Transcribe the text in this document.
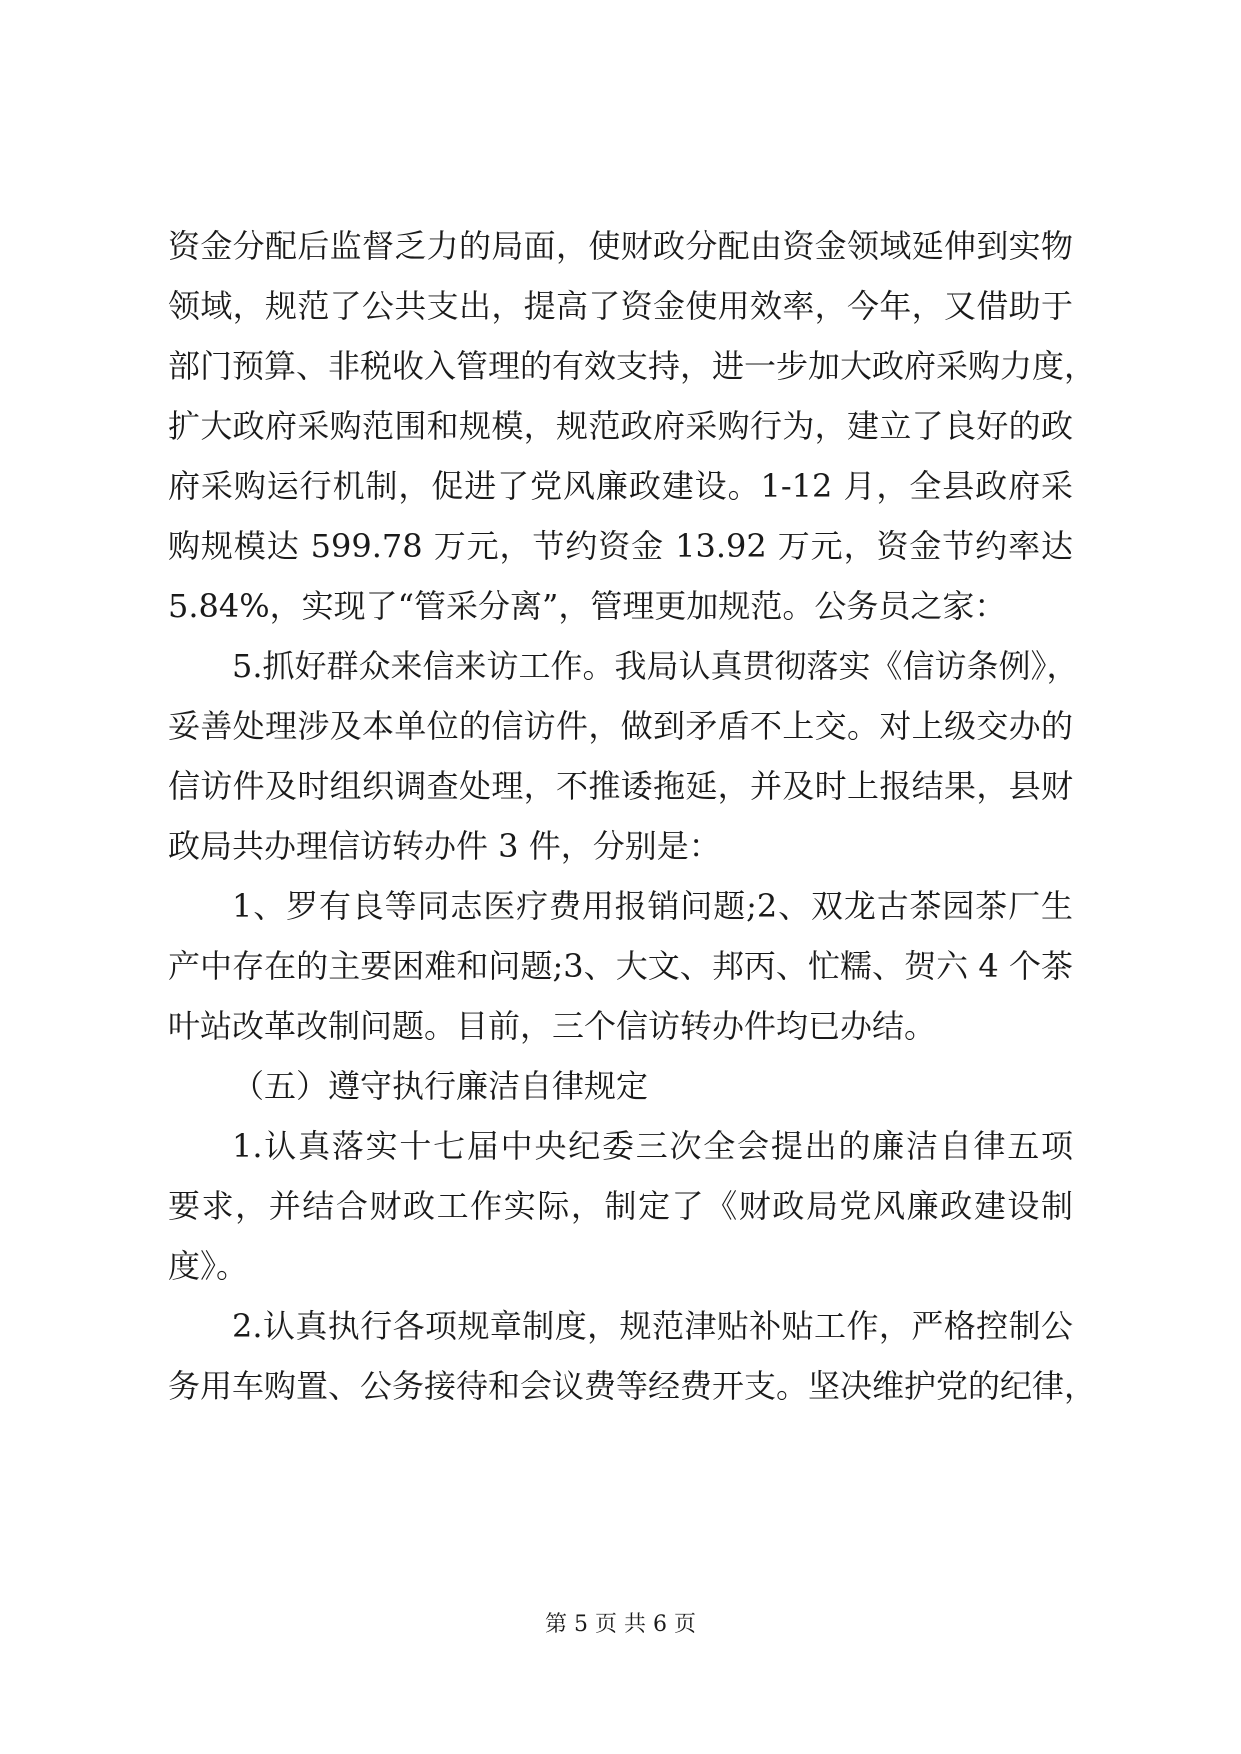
资金分配后监督乏力的局面，使财政分配由资金领域延伸到实物
领域，规范了公共支出，提高了资金使用效率，今年，又借助于
部门预算、非税收入管理的有效支持，进一步加大政府采购力度，
扩大政府采购范围和规模，规范政府采购行为，建立了良好的政
府采购运行机制，促进了党风廉政建设。1-12 月，全县政府采
购规模达 599.78 万元，节约资金 13.92 万元，资金节约率达
5.84%，实现了“管采分离”，管理更加规范。公务员之家：
5.抓好群众来信来访工作。我局认真贯彻落实《信访条例》，
妥善处理涉及本单位的信访件，做到矛盾不上交。对上级交办的
信访件及时组织调查处理，不推诿拖延，并及时上报结果，县财
政局共办理信访转办件 3 件，分别是：
1、罗有良等同志医疗费用报销问题;2、双龙古茶园茶厂生
产中存在的主要困难和问题;3、大文、邦丙、忙糯、贺六 4 个茶
叶站改革改制问题。目前，三个信访转办件均已办结。
（五）遵守执行廉洁自律规定
1.认真落实十七届中央纪委三次全会提出的廉洁自律五项
要求，并结合财政工作实际，制定了《财政局党风廉政建设制
度》。
2.认真执行各项规章制度，规范津贴补贴工作，严格控制公
务用车购置、公务接待和会议费等经费开支。坚决维护党的纪律，
第 5 页 共 6 页
